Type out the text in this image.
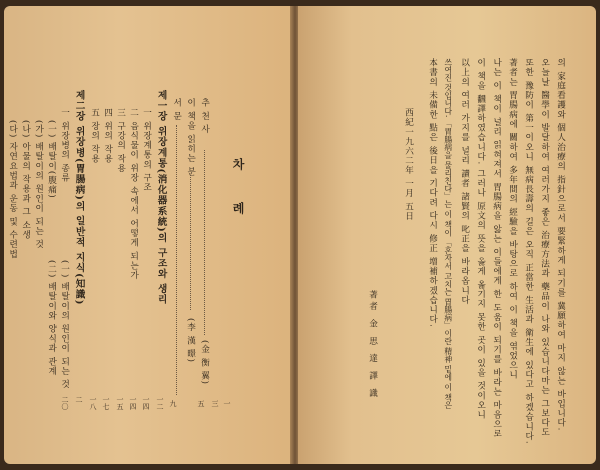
차 례
추 천 사
(金 衡 翼)
이 책을 읽히는 분
(李 漢 暻)
서 문
제一장 위장계통(消化器系統)의 구조와 생리
一 위장계통의 구조
二 음식물이 위장 속에서 어떻게 되는가
三 구강의 작용
四 위의 작용
五 장의 작용
제二장 위장병(胃腸病)의 일반적 지식(知識)
一 위장병의 종류
(一) 배탈이(腹痛)
(가) 배탈이의 원인이 되는 것
(나) 아물의 작용과 그 소생
(다) 자연요법과 운동 및 수련법
(一) 배탈이의 원인이 되는 것
(二) 배탈이와 양식과 관계
一
三
五
九
一二
一四
一四
一五
一七
一八
二
二〇	의 家庭看護와 個人治療의 指針으로서 要緊하게 되기를 冀願하여 마지 않는 바입니다.
오늘날 醫學이 발달하여 여러가지 좋은 治療方法과 藥品이 나와 있습니다마는 그보다도
또한 豫防이 第一이오니 無病長壽의 길은 오직 正當한 生活과 衛生에 있다고 하겠습니다.
著者는 胃腸病에 關하여 多年間의 經驗을 바탕으로 하여 이 책을 엮었으니
나는 이 책이 널리 읽혀져서 胃腸病을 앓는 이들에게 한 도움이 되기를 바라는 마음으로
이 책을 飜譯하였습니다. 그러나 原文의 뜻을 옳게 옮기지 못한 곳이 있을 것이오니
以上의 여러 가지를 널리 讀者 諸賢의 叱正을 바라옵니다
쓰여진 것입니다. 「胃腸病을 물리친다」는 이 책이 「혼자서 고치는 胃腸病」이란 精神 밑에 이 책은
本書의 未備한 點은 後日을 기다려 다시 修正 增補하겠습니다.
西紀一九六二年 一月 五日
著者 金 思 達 譯 識
